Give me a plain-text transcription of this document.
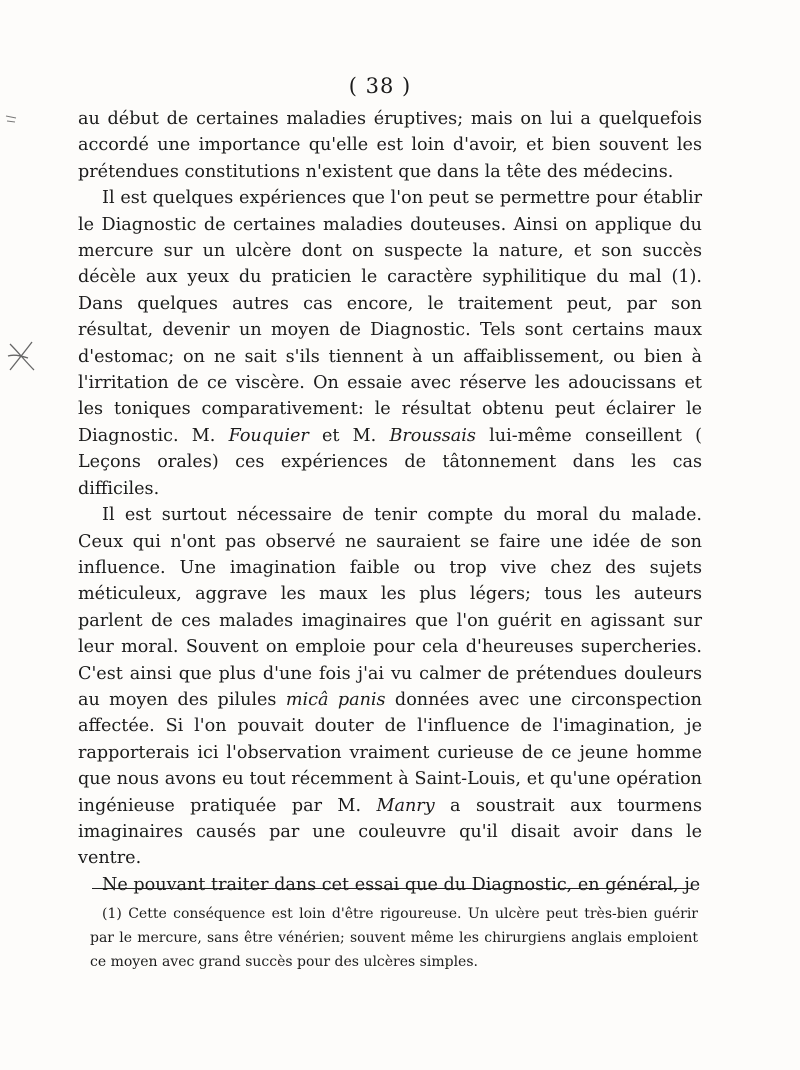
( 38 )

au début de certaines maladies éruptives; mais on lui a quelquefois accordé une importance qu'elle est loin d'avoir, et bien souvent les prétendues constitutions n'existent que dans la tête des médecins.

Il est quelques expériences que l'on peut se permettre pour établir le Diagnostic de certaines maladies douteuses. Ainsi on applique du mercure sur un ulcère dont on suspecte la nature, et son succès décèle aux yeux du praticien le caractère syphilitique du mal (1). Dans quelques autres cas encore, le traitement peut, par son résultat, devenir un moyen de Diagnostic. Tels sont certains maux d'estomac; on ne sait s'ils tiennent à un affaiblissement, ou bien à l'irritation de ce viscère. On essaie avec réserve les adoucissans et les toniques comparativement: le résultat obtenu peut éclairer le Diagnostic. M. Fouquier et M. Broussais lui-même conseillent ( Leçons orales) ces expériences de tâtonnement dans les cas difficiles.

Il est surtout nécessaire de tenir compte du moral du malade. Ceux qui n'ont pas observé ne sauraient se faire une idée de son influence. Une imagination faible ou trop vive chez des sujets méticuleux, aggrave les maux les plus légers; tous les auteurs parlent de ces malades imaginaires que l'on guérit en agissant sur leur moral. Souvent on emploie pour cela d'heureuses supercheries. C'est ainsi que plus d'une fois j'ai vu calmer de prétendues douleurs au moyen des pilules micâ panis données avec une circonspection affectée. Si l'on pouvait douter de l'influence de l'imagination, je rapporterais ici l'observation vraiment curieuse de ce jeune homme que nous avons eu tout récemment à Saint-Louis, et qu'une opération ingénieuse pratiquée par M. Manry a soustrait aux tourmens imaginaires causés par une couleuvre qu'il disait avoir dans le ventre.

Ne pouvant traiter dans cet essai que du Diagnostic, en général, je

(1) Cette conséquence est loin d'être rigoureuse. Un ulcère peut très-bien guérir par le mercure, sans être vénérien; souvent même les chirurgiens anglais emploient ce moyen avec grand succès pour des ulcères simples.
